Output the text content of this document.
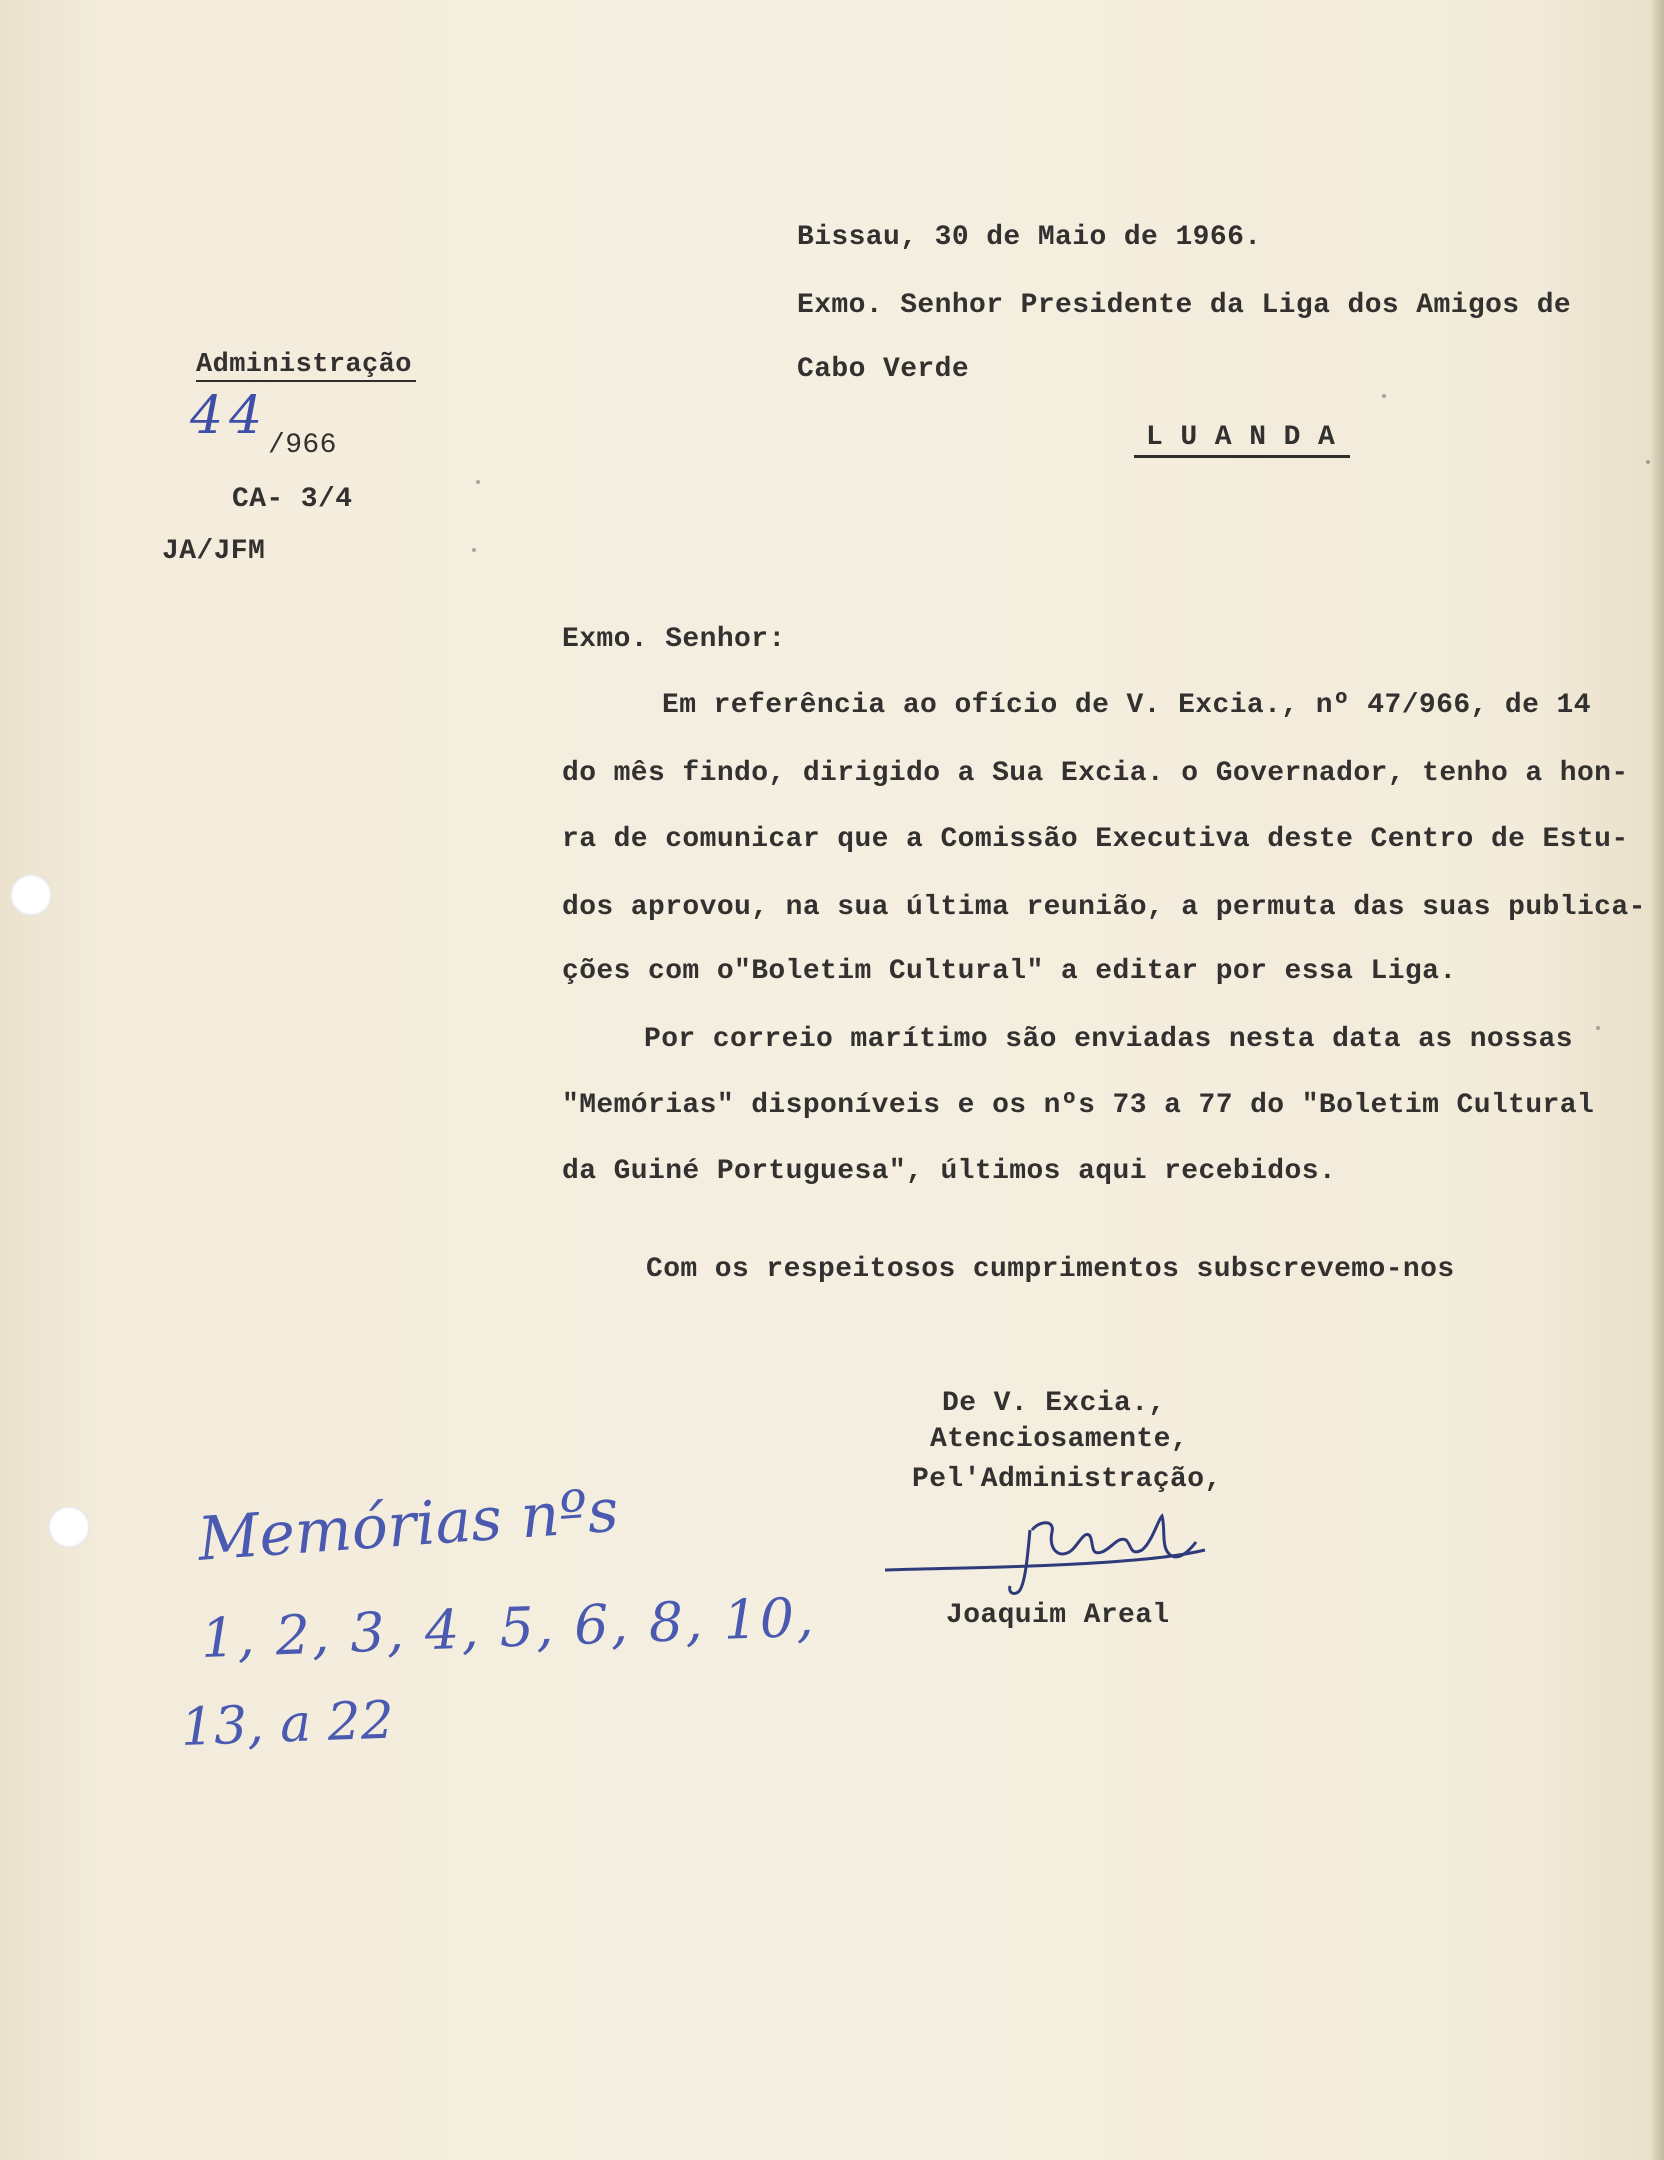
Bissau, 30 de Maio de 1966.
Exmo. Senhor Presidente da Liga dos Amigos de
Cabo Verde
L U A N D A
Administração
44 /966
CA- 3/4
JA/JFM
Exmo. Senhor:
Em referência ao ofício de V. Excia., nº 47/966, de 14
do mês findo, dirigido a Sua Excia. o Governador, tenho a hon-
ra de comunicar que a Comissão Executiva deste Centro de Estu-
dos aprovou, na sua última reunião, a permuta das suas publica-
ções com o"Boletim Cultural" a editar por essa Liga.
Por correio marítimo são enviadas nesta data as nossas
"Memórias" disponíveis e os nºs 73 a 77 do "Boletim Cultural
da Guiné Portuguesa", últimos aqui recebidos.
Com os respeitosos cumprimentos subscrevemo-nos
De V. Excia.,
Atenciosamente,
Pel'Administração,
Joaquim Areal
Memórias nºs
1, 2, 3, 4, 5, 6, 8, 10,
13, a 22
